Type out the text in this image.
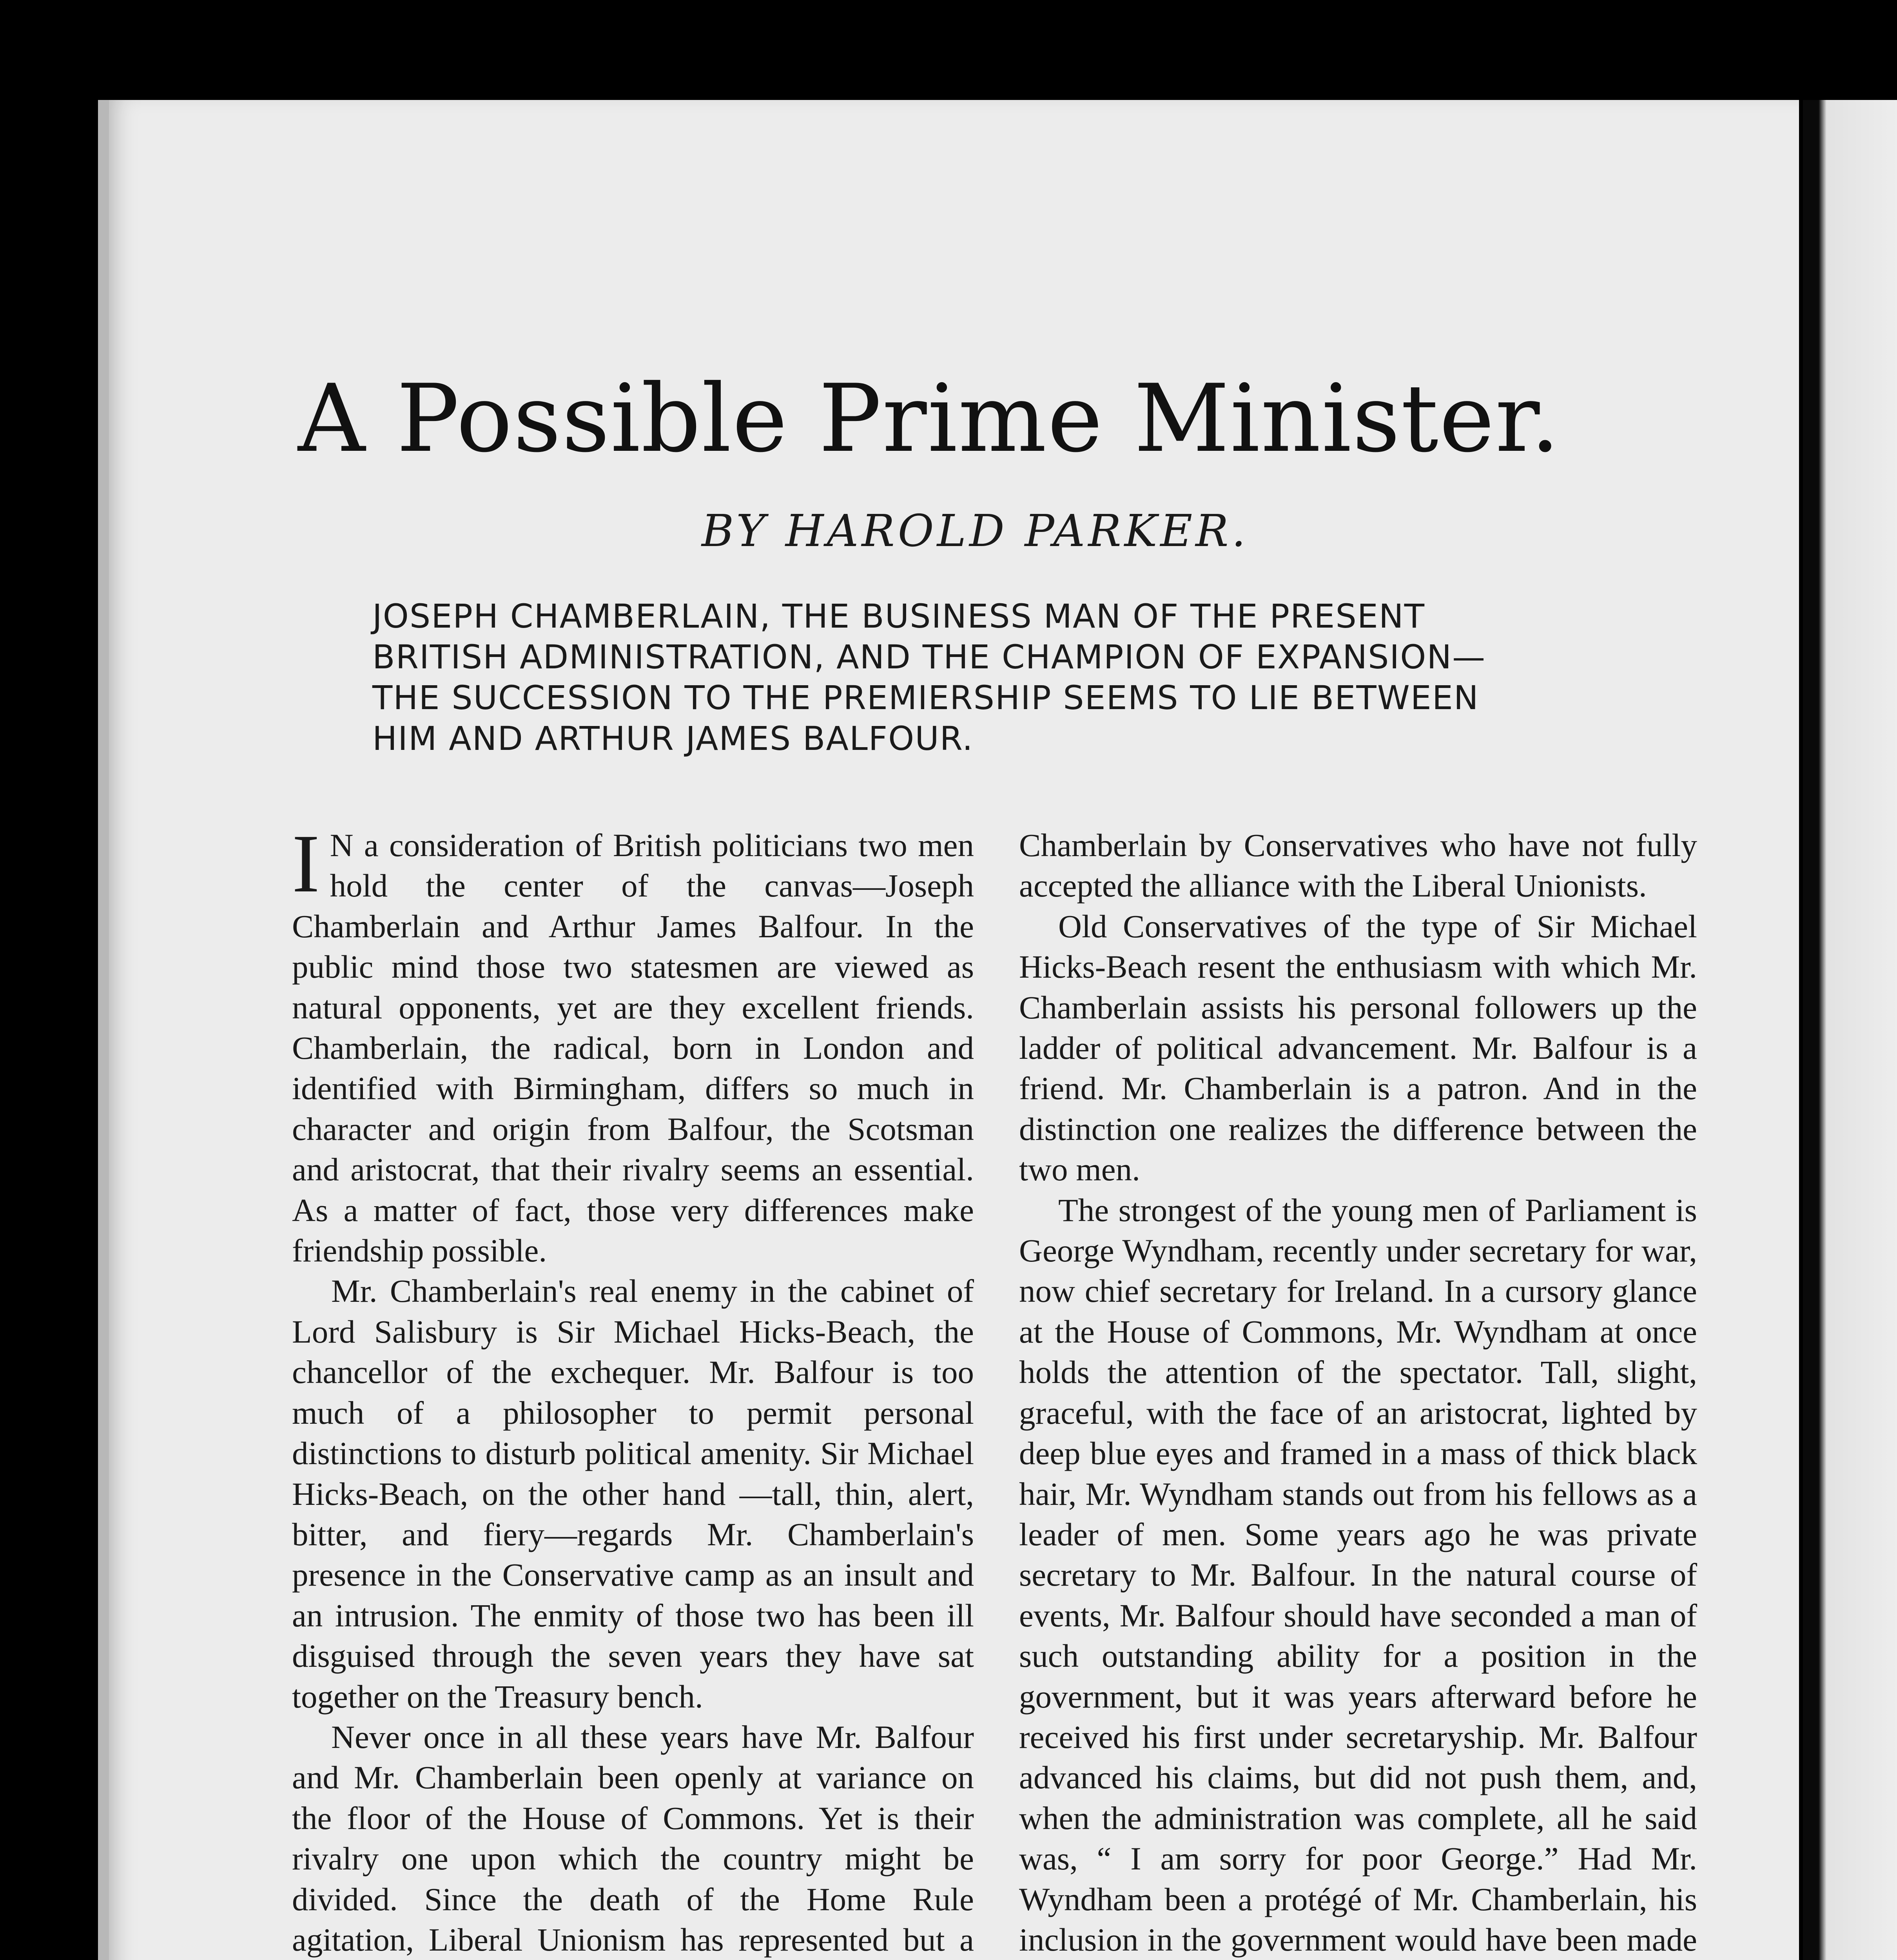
A Possible Prime Minister.
BY HAROLD PARKER.
JOSEPH CHAMBERLAIN, THE BUSINESS MAN OF THE PRESENT
BRITISH ADMINISTRATION, AND THE CHAMPION OF EXPANSION—
THE SUCCESSION TO THE PREMIERSHIP SEEMS TO LIE BETWEEN
HIM AND ARTHUR JAMES BALFOUR.

I N a consideration of British politicians two men hold the center of the canvas—Joseph Chamberlain and Arthur James Balfour. In the public mind those two statesmen are viewed as natural opponents, yet are they excellent friends. Chamberlain, the radical, born in London and identified with Birmingham, differs so much in character and origin from Balfour, the Scotsman and aristocrat, that their rivalry seems an essential. As a matter of fact, those very differences make friendship possible.

Mr. Chamberlain's real enemy in the cabinet of Lord Salisbury is Sir Michael Hicks-Beach, the chancellor of the exchequer. Mr. Balfour is too much of a philosopher to permit personal distinctions to disturb political amenity. Sir Michael Hicks-Beach, on the other hand —tall, thin, alert, bitter, and fiery—regards Mr. Chamberlain's presence in the Conservative camp as an insult and an intrusion. The enmity of those two has been ill disguised through the seven years they have sat together on the Treasury bench.

Never once in all these years have Mr. Balfour and Mr. Chamberlain been openly at variance on the floor of the House of Commons. Yet is their rivalry one upon which the country might be divided. Since the death of the Home Rule agitation, Liberal Unionism has represented but a

Chamberlain by Conservatives who have not fully accepted the alliance with the Liberal Unionists.

Old Conservatives of the type of Sir Michael Hicks-Beach resent the enthusiasm with which Mr. Chamberlain assists his personal followers up the ladder of political advancement. Mr. Balfour is a friend. Mr. Chamberlain is a patron. And in the distinction one realizes the difference between the two men.

The strongest of the young men of Parliament is George Wyndham, recently under secretary for war, now chief secretary for Ireland. In a cursory glance at the House of Commons, Mr. Wyndham at once holds the attention of the spectator. Tall, slight, graceful, with the face of an aristocrat, lighted by deep blue eyes and framed in a mass of thick black hair, Mr. Wyndham stands out from his fellows as a leader of men. Some years ago he was private secretary to Mr. Balfour. In the natural course of events, Mr. Balfour should have seconded a man of such outstanding ability for a position in the government, but it was years afterward before he received his first under secretaryship. Mr. Balfour advanced his claims, but did not push them, and, when the administration was complete, all he said was, “ I am sorry for poor George.” Had Mr. Wyndham been a protégé of Mr. Chamberlain, his inclusion in the government would have been made
